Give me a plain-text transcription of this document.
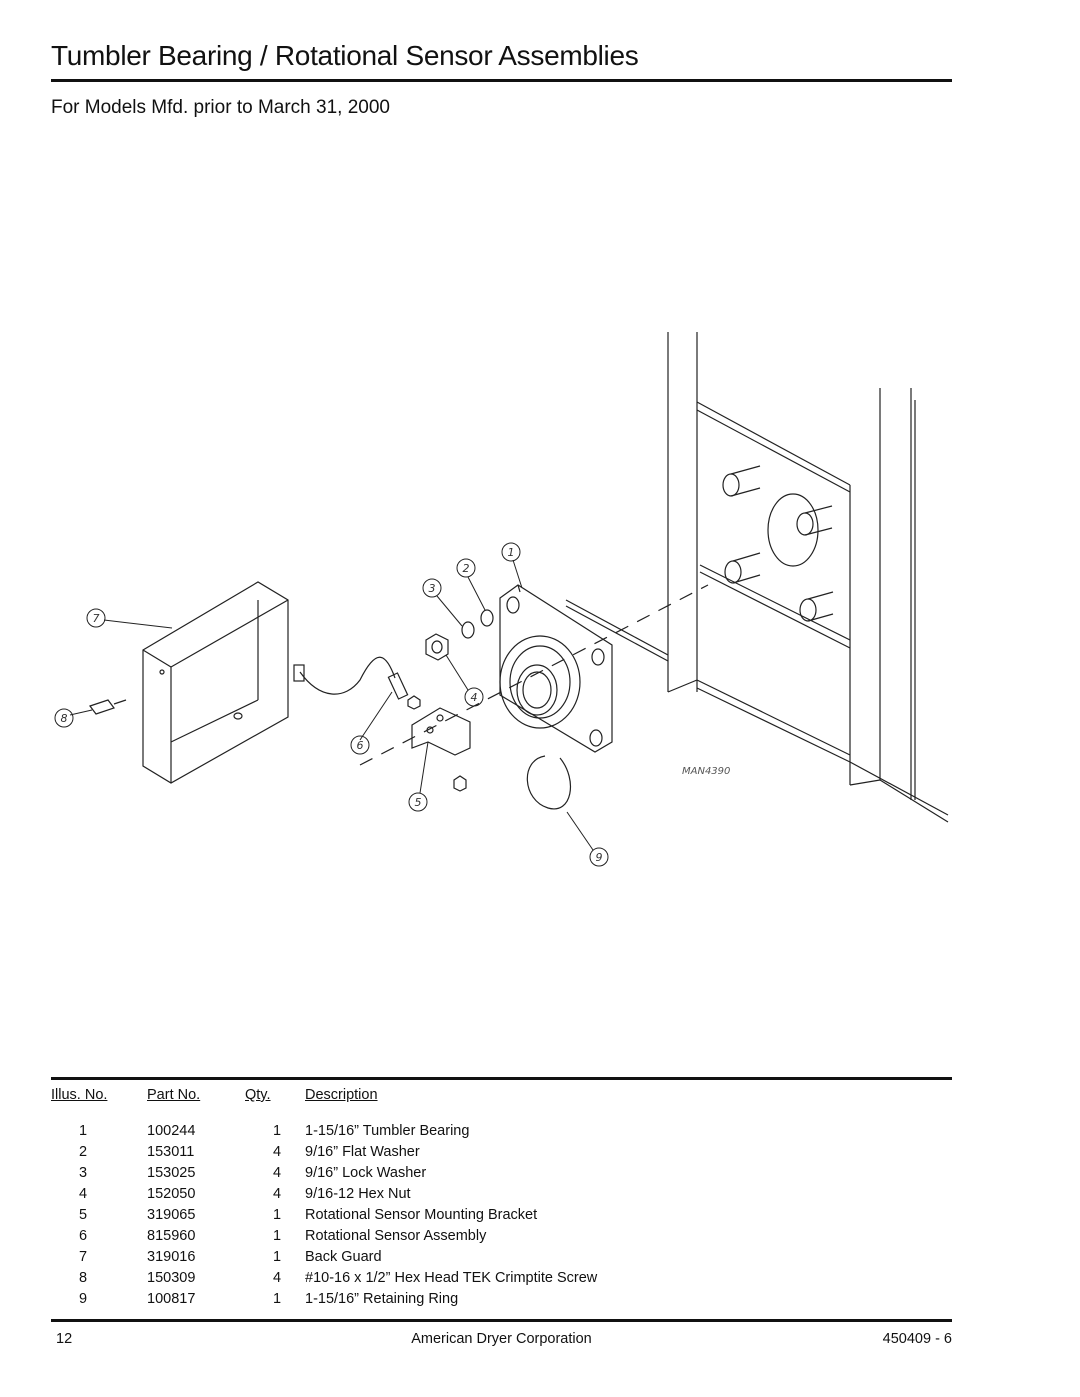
Tumbler Bearing / Rotational Sensor Assemblies
For Models Mfd. prior to March 31, 2000
1
2
3
4
5
6
7
8
9
MAN4390
Illus. No.	Part No.	Qty.	Description
1	100244	1	1-15/16” Tumbler Bearing
2	153011	4	9/16” Flat Washer
3	153025	4	9/16” Lock Washer
4	152050	4	9/16-12 Hex Nut
5	319065	1	Rotational Sensor Mounting Bracket
6	815960	1	Rotational Sensor Assembly
7	319016	1	Back Guard
8	150309	4	#10-16 x 1/2” Hex Head TEK Crimptite Screw
9	100817	1	1-15/16” Retaining Ring
12	American Dryer Corporation	450409 - 6
